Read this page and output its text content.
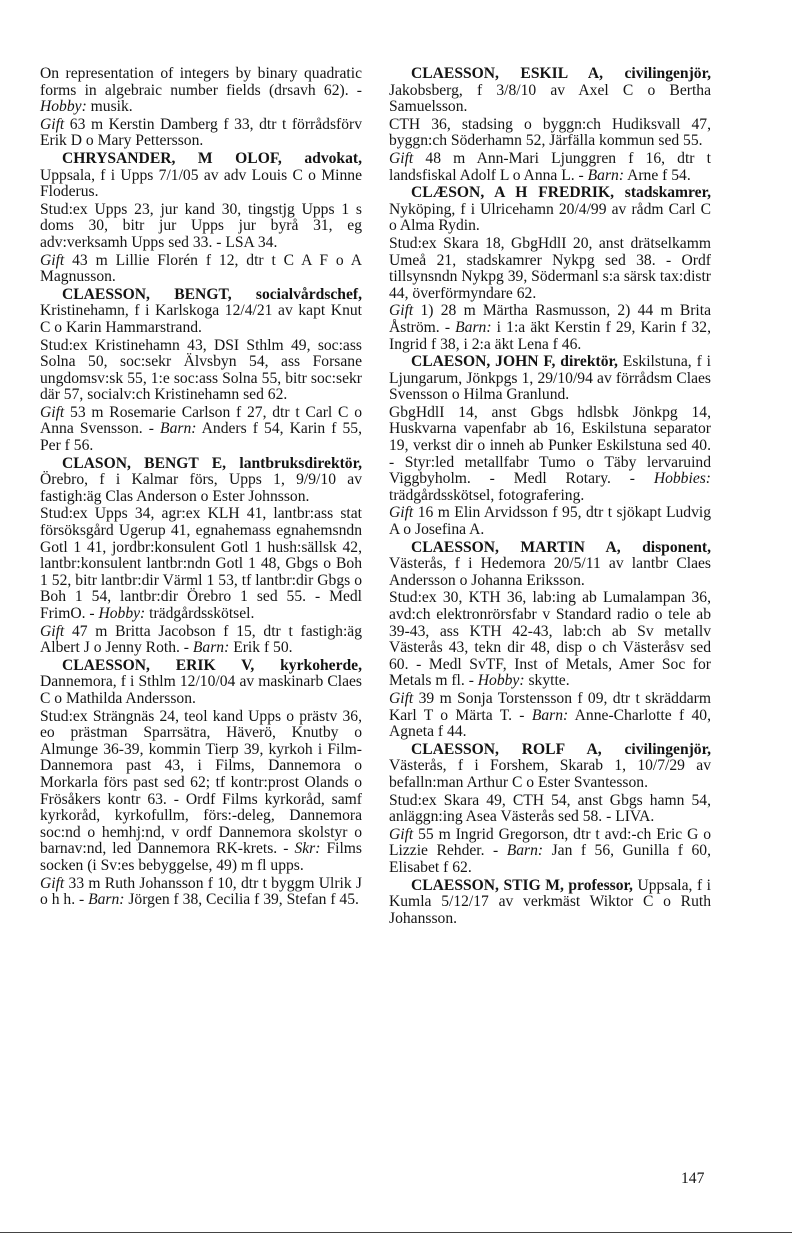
On representation of integers by binary quadratic forms in algebraic number fields (drsavh 62). - Hobby: musik.

Gift 63 m Kerstin Damberg f 33, dtr t förrådsförv Erik D o Mary Pettersson.

CHRYSANDER, M OLOF, advokat, Uppsala, f i Upps 7/1/05 av adv Louis C o Minne Floderus.

Stud:ex Upps 23, jur kand 30, tingstjg Upps 1 s doms 30, bitr jur Upps jur byrå 31, eg adv:verksamh Upps sed 33. - LSA 34.

Gift 43 m Lillie Florén f 12, dtr t C A F o A Magnusson.

CLAESSON, BENGT, socialvårdschef, Kristinehamn, f i Karlskoga 12/4/21 av kapt Knut C o Karin Hammarstrand.

Stud:ex Kristinehamn 43, DSI Sthlm 49, soc:ass Solna 50, soc:sekr Älvsbyn 54, ass Forsane ungdomsv:sk 55, 1:e soc:ass Solna 55, bitr soc:sekr där 57, socialv:ch Kristinehamn sed 62.

Gift 53 m Rosemarie Carlson f 27, dtr t Carl C o Anna Svensson. - Barn: Anders f 54, Karin f 55, Per f 56.

CLASON, BENGT E, lantbruksdirektör, Örebro, f i Kalmar förs, Upps 1, 9/9/10 av fastigh:äg Clas Anderson o Ester Johnsson.

Stud:ex Upps 34, agr:ex KLH 41, lantbr:ass stat försöksgård Ugerup 41, egnahemass egnahemsndn Gotl 1 41, jordbr:konsulent Gotl 1 hush:sällsk 42, lantbr:konsulent lantbr:ndn Gotl 1 48, Gbgs o Boh 1 52, bitr lantbr:dir Värml 1 53, tf lantbr:dir Gbgs o Boh 1 54, lantbr:dir Örebro 1 sed 55. - Medl FrimO. - Hobby: trädgårdsskötsel.

Gift 47 m Britta Jacobson f 15, dtr t fastigh:äg Albert J o Jenny Roth. - Barn: Erik f 50.

CLAESSON, ERIK V, kyrkoherde, Dannemora, f i Sthlm 12/10/04 av maskinarb Claes C o Mathilda Andersson.

Stud:ex Strängnäs 24, teol kand Upps o prästv 36, eo prästman Sparrsätra, Häverö, Knutby o Almunge 36-39, kommin Tierp 39, kyrkoh i Film-Dannemora past 43, i Films, Dannemora o Morkarla förs past sed 62; tf kontr:prost Olands o Frösåkers kontr 63. - Ordf Films kyrkoråd, samf kyrkoråd, kyrkofullm, förs:-deleg, Dannemora soc:nd o hemhj:nd, v ordf Dannemora skolstyr o barnav:nd, led Dannemora RK-krets. - Skr: Films socken (i Sv:es bebyggelse, 49) m fl upps.

Gift 33 m Ruth Johansson f 10, dtr t byggm Ulrik J o h h. - Barn: Jörgen f 38, Cecilia f 39, Stefan f 45.

CLAESSON, ESKIL A, civilingenjör, Jakobsberg, f 3/8/10 av Axel C o Bertha Samuelsson.

CTH 36, stadsing o byggn:ch Hudiksvall 47, byggn:ch Söderhamn 52, Järfälla kommun sed 55.

Gift 48 m Ann-Mari Ljunggren f 16, dtr t landsfiskal Adolf L o Anna L. - Barn: Arne f 54.

CLÆSON, A H FREDRIK, stadskamrer, Nyköping, f i Ulricehamn 20/4/99 av rådm Carl C o Alma Rydin.

Stud:ex Skara 18, GbgHdlI 20, anst drätselkamm Umeå 21, stadskamrer Nykpg sed 38. - Ordf tillsynsndn Nykpg 39, Södermanl s:a särsk tax:distr 44, överförmyndare 62.

Gift 1) 28 m Märtha Rasmusson, 2) 44 m Brita Åström. - Barn: i 1:a äkt Kerstin f 29, Karin f 32, Ingrid f 38, i 2:a äkt Lena f 46.

CLAESON, JOHN F, direktör, Eskilstuna, f i Ljungarum, Jönkpgs 1, 29/10/94 av förrådsm Claes Svensson o Hilma Granlund.

GbgHdlI 14, anst Gbgs hdlsbk Jönkpg 14, Huskvarna vapenfabr ab 16, Eskilstuna separator 19, verkst dir o inneh ab Punker Eskilstuna sed 40. - Styr:led metallfabr Tumo o Täby lervaruind Viggbyholm. - Medl Rotary. - Hobbies: trädgårdsskötsel, fotografering.

Gift 16 m Elin Arvidsson f 95, dtr t sjökapt Ludvig A o Josefina A.

CLAESSON, MARTIN A, disponent, Västerås, f i Hedemora 20/5/11 av lantbr Claes Andersson o Johanna Eriksson.

Stud:ex 30, KTH 36, lab:ing ab Lumalampan 36, avd:ch elektronrörsfabr v Standard radio o tele ab 39-43, ass KTH 42-43, lab:ch ab Sv metallv Västerås 43, tekn dir 48, disp o ch Västeråsv sed 60. - Medl SvTF, Inst of Metals, Amer Soc for Metals m fl. - Hobby: skytte.

Gift 39 m Sonja Torstensson f 09, dtr t skräddarm Karl T o Märta T. - Barn: Anne-Charlotte f 40, Agneta f 44.

CLAESSON, ROLF A, civilingenjör, Västerås, f i Forshem, Skarab 1, 10/7/29 av befalln:man Arthur C o Ester Svantesson.

Stud:ex Skara 49, CTH 54, anst Gbgs hamn 54, anläggn:ing Asea Västerås sed 58. - LIVA.

Gift 55 m Ingrid Gregorson, dtr t avd:-ch Eric G o Lizzie Rehder. - Barn: Jan f 56, Gunilla f 60, Elisabet f 62.

CLAESSON, STIG M, professor, Uppsala, f i Kumla 5/12/17 av verkmäst Wiktor C o Ruth Johansson.

147
